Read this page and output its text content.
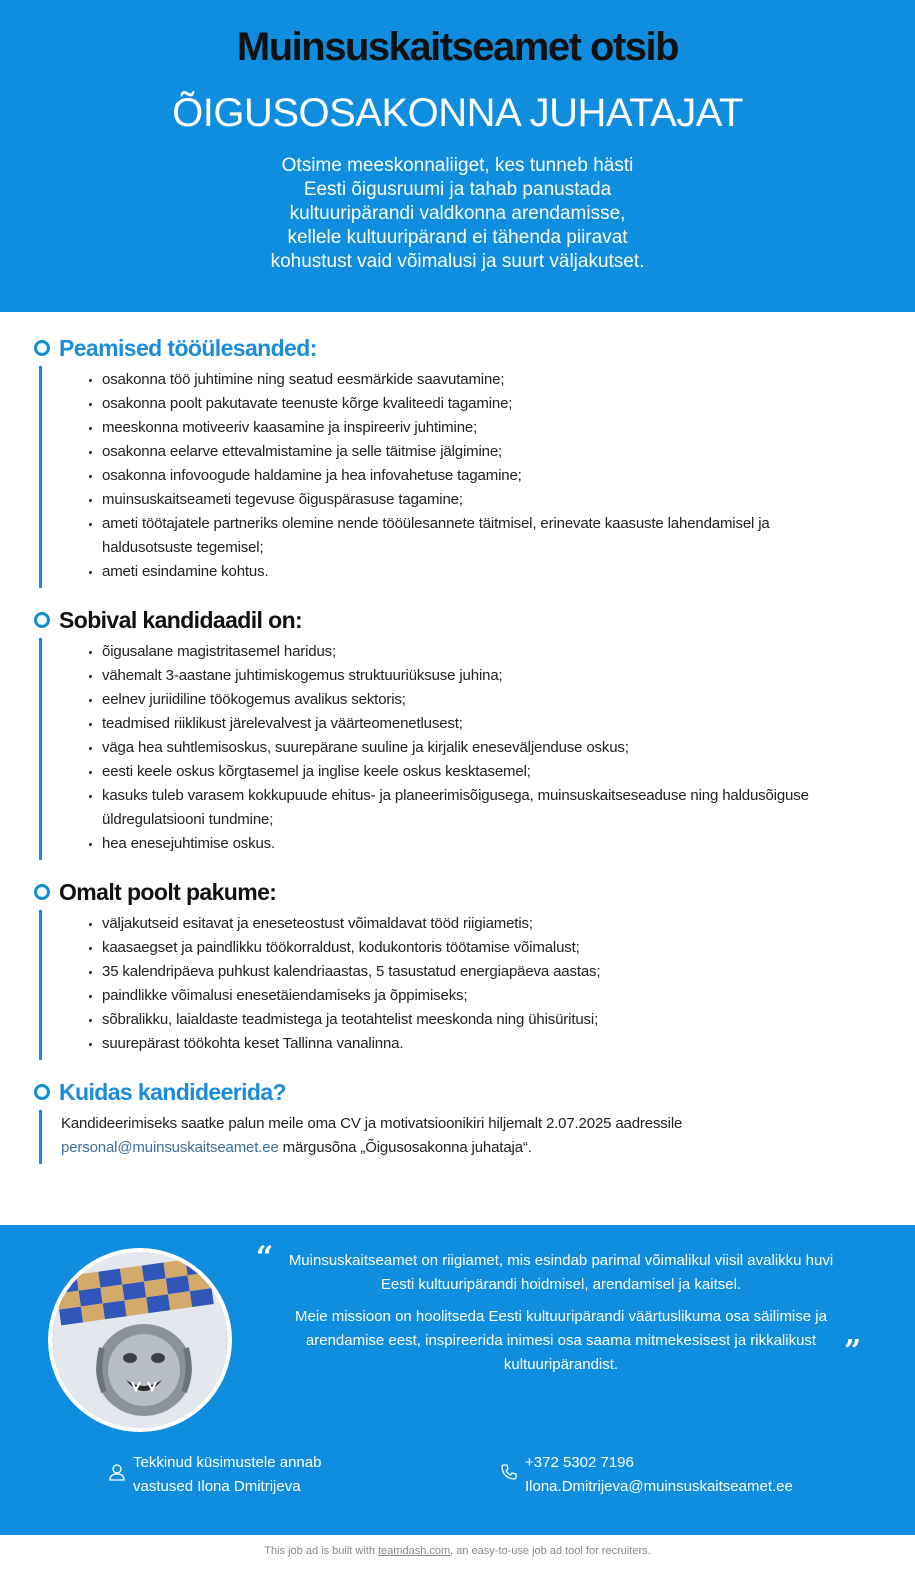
Muinsuskaitseamet otsib
ÕIGUSOSAKONNA JUHATAJAT

Otsime meeskonnaliiget, kes tunneb hästi
Eesti õigusruumi ja tahab panustada
kultuuripärandi valdkonna arendamisse,
kellele kultuuripärand ei tähenda piiravat
kohustust vaid võimalusi ja suurt väljakutset.

Peamised tööülesanded:
• osakonna töö juhtimine ning seatud eesmärkide saavutamine;
• osakonna poolt pakutavate teenuste kõrge kvaliteedi tagamine;
• meeskonna motiveeriv kaasamine ja inspireeriv juhtimine;
• osakonna eelarve ettevalmistamine ja selle täitmise jälgimine;
• osakonna infovoogude haldamine ja hea infovahetuse tagamine;
• muinsuskaitseameti tegevuse õiguspärasuse tagamine;
• ameti töötajatele partneriks olemine nende tööülesannete täitmisel, erinevate kaasuste lahendamisel ja haldusotsuste tegemisel;
• ameti esindamine kohtus.
Sobival kandidaadil on:
• õigusalane magistritasemel haridus;
• vähemalt 3-aastane juhtimiskogemus struktuuriüksuse juhina;
• eelnev juriidiline töökogemus avalikus sektoris;
• teadmised riiklikust järelevalvest ja väärteomenetlusest;
• väga hea suhtlemisoskus, suurepärane suuline ja kirjalik eneseväljenduse oskus;
• eesti keele oskus kõrgtasemel ja inglise keele oskus kesktasemel;
• kasuks tuleb varasem kokkupuude ehitus- ja planeerimisõigusega, muinsuskaitseseaduse ning haldusõiguse üldregulatsiooni tundmine;
• hea enesejuhtimise oskus.
Omalt poolt pakume:
• väljakutseid esitavat ja eneseteostust võimaldavat tööd riigiametis;
• kaasaegset ja paindlikku töökorraldust, kodukontoris töötamise võimalust;
• 35 kalendripäeva puhkust kalendriaastas, 5 tasustatud energiapäeva aastas;
• paindlikke võimalusi enesetäiendamiseks ja õppimiseks;
• sõbralikku, laialdaste teadmistega ja teotahtelist meeskonda ning ühisüritusi;
• suurepärast töökohta keset Tallinna vanalinna.
Kuidas kandideerida?

Kandideerimiseks saatke palun meile oma CV ja motivatsioonikiri hiljemalt 2.07.2025 aadressile personal@muinsuskaitseamet.ee märgusõna „Õigusosakonna juhataja“.

“	Muinsuskaitseamet on riigiamet, mis esindab parimal võimalikul viisil avalikku huvi Eesti kultuuripärandi hoidmisel, arendamisel ja kaitsel.

Meie missioon on hoolitseda Eesti kultuuripärandi väärtuslikuma osa säilimise ja arendamise eest, inspireerida inimesi osa saama mitmekesisest ja rikkalikust kultuuripärandist.	”
Tekkinud küsimustele annab
vastused Ilona Dmitrijeva
+372 5302 7196
Ilona.Dmitrijeva@muinsuskaitseamet.ee
This job ad is built with teamdash.com, an easy-to-use job ad tool for recruiters.
